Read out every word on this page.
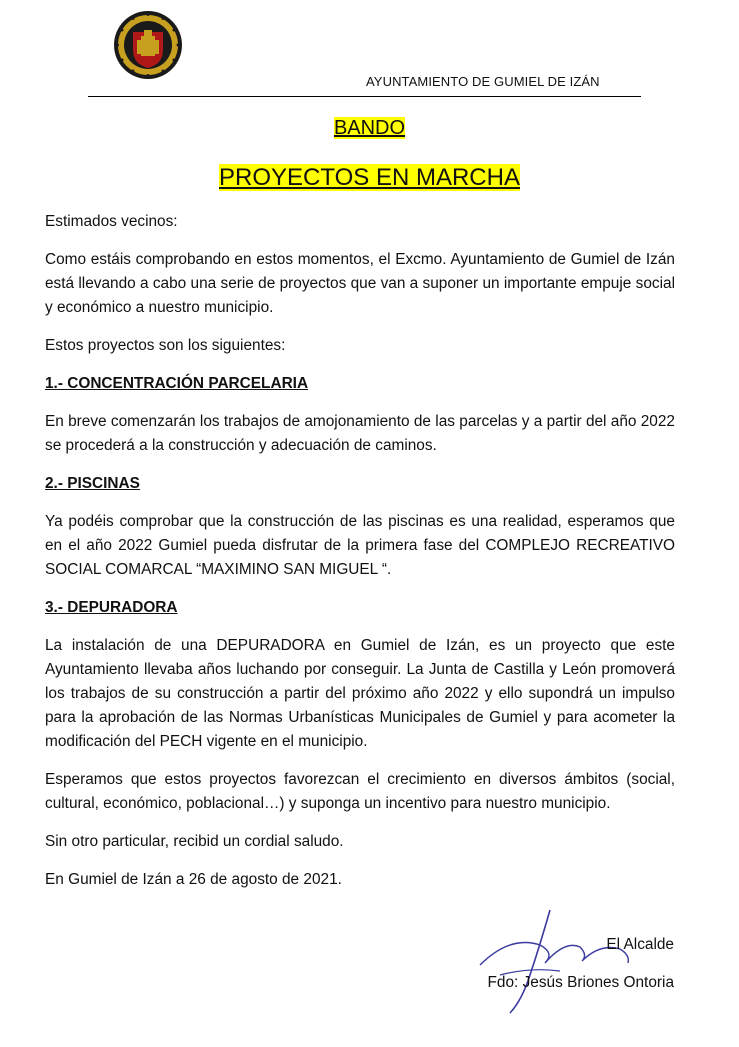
AYUNTAMIENTO DE GUMIEL DE IZÁN
BANDO
PROYECTOS EN MARCHA

Estimados vecinos:

Como estáis comprobando en estos momentos, el Excmo. Ayuntamiento de Gumiel de Izán está llevando a cabo una serie de proyectos que van a suponer un importante empuje social y económico a nuestro municipio.

Estos proyectos son los siguientes:

1.- CONCENTRACIÓN PARCELARIA

En breve comenzarán los trabajos de amojonamiento de las parcelas y a partir del año 2022 se procederá a la construcción y adecuación de caminos.

2.- PISCINAS

Ya podéis comprobar que la construcción de las piscinas es una realidad, esperamos que en el año 2022 Gumiel pueda disfrutar de la primera fase del COMPLEJO RECREATIVO SOCIAL COMARCAL “MAXIMINO SAN MIGUEL “.

3.- DEPURADORA

La instalación de una DEPURADORA en Gumiel de Izán, es un proyecto que este Ayuntamiento llevaba años luchando por conseguir. La Junta de Castilla y León promoverá los trabajos de su construcción a partir del próximo año 2022 y ello supondrá un impulso para la aprobación de las Normas Urbanísticas Municipales de Gumiel y para acometer la modificación del PECH vigente en el municipio.

Esperamos que estos proyectos favorezcan el crecimiento en diversos ámbitos (social, cultural, económico, poblacional…) y suponga un incentivo para nuestro municipio.

Sin otro particular, recibid un cordial saludo.

En Gumiel de Izán a 26 de agosto de 2021.

El Alcalde
Fdo: Jesús Briones Ontoria
